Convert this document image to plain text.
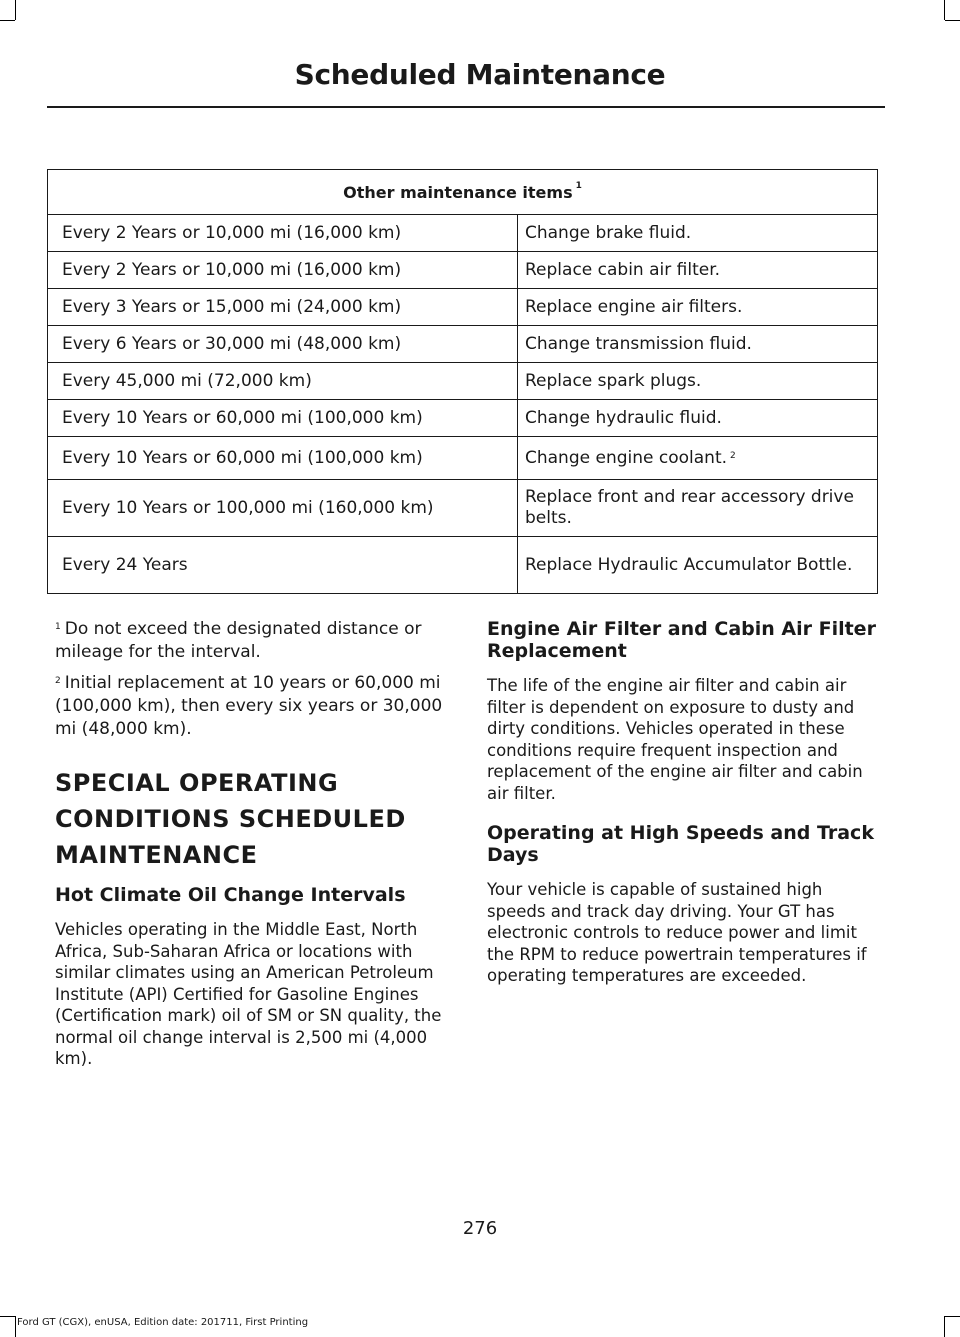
Scheduled Maintenance
Other maintenance items $^1$
Every 2 Years or 10,000 mi (16,000 km)	Change brake fluid.
Every 2 Years or 10,000 mi (16,000 km)	Replace cabin air filter.
Every 3 Years or 15,000 mi (24,000 km)	Replace engine air filters.
Every 6 Years or 30,000 mi (48,000 km)	Change transmission fluid.
Every 45,000 mi (72,000 km)	Replace spark plugs.
Every 10 Years or 60,000 mi (100,000 km)	Change hydraulic fluid.
Every 10 Years or 60,000 mi (100,000 km)	Change engine coolant. $^2$
Every 10 Years or 100,000 mi (160,000 km)	Replace front and rear accessory drive belts.
Every 24 Years	Replace Hydraulic Accumulator Bottle.

$^1$ Do not exceed the designated distance or mileage for the interval.

$^2$ Initial replacement at 10 years or 60,000 mi (100,000 km), then every six years or 30,000 mi (48,000 km).

SPECIAL OPERATING
CONDITIONS SCHEDULED
MAINTENANCE
Hot Climate Oil Change Intervals

Vehicles operating in the Middle East, North Africa, Sub-Saharan Africa or locations with similar climates using an American Petroleum Institute (API) Certified for Gasoline Engines (Certification mark) oil of SM or SN quality, the normal oil change interval is 2,500 mi (4,000 km).

Engine Air Filter and Cabin Air Filter Replacement

The life of the engine air filter and cabin air filter is dependent on exposure to dusty and dirty conditions. Vehicles operated in these conditions require frequent inspection and replacement of the engine air filter and cabin air filter.

Operating at High Speeds and Track Days

Your vehicle is capable of sustained high speeds and track day driving. Your GT has electronic controls to reduce power and limit the RPM to reduce powertrain temperatures if operating temperatures are exceeded.

276
Ford GT (CGX), enUSA, Edition date: 201711, First Printing
